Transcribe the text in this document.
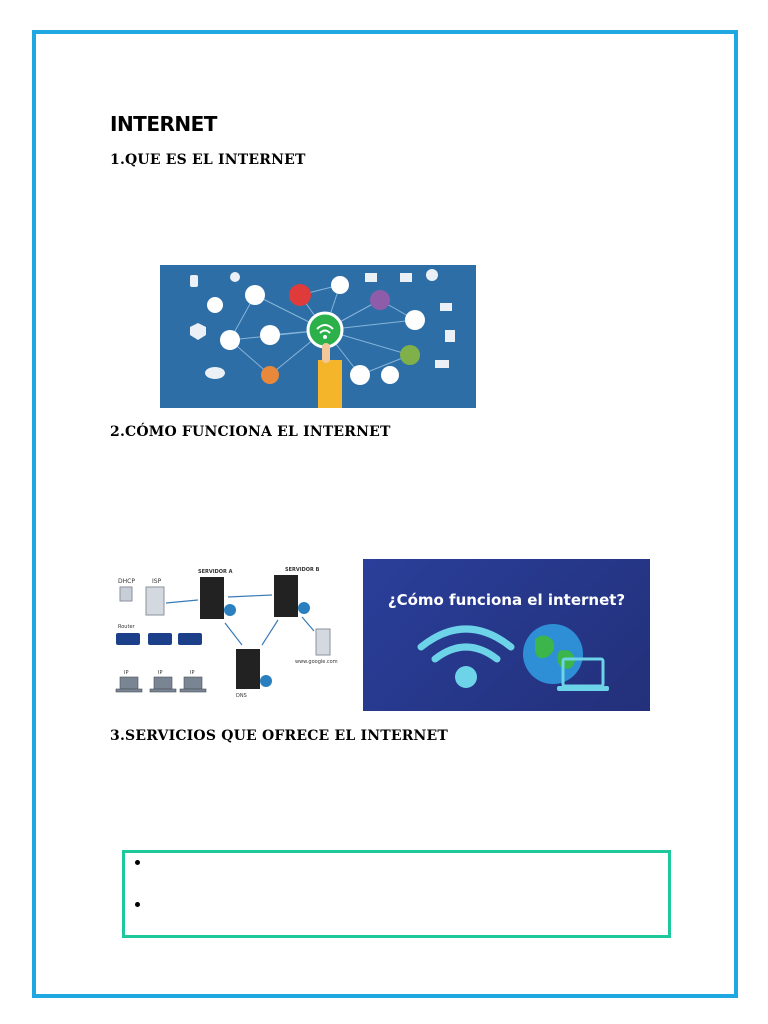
INTERNET
1.QUE ES EL INTERNET
2.CÓMO FUNCIONA EL INTERNET
DHCP	ISP
SERVIDOR A	SERVIDOR B
Router
DNS
www.google.com
IP	IP	IP
¿Cómo funciona el internet?
3.SERVICIOS QUE OFRECE EL INTERNET
